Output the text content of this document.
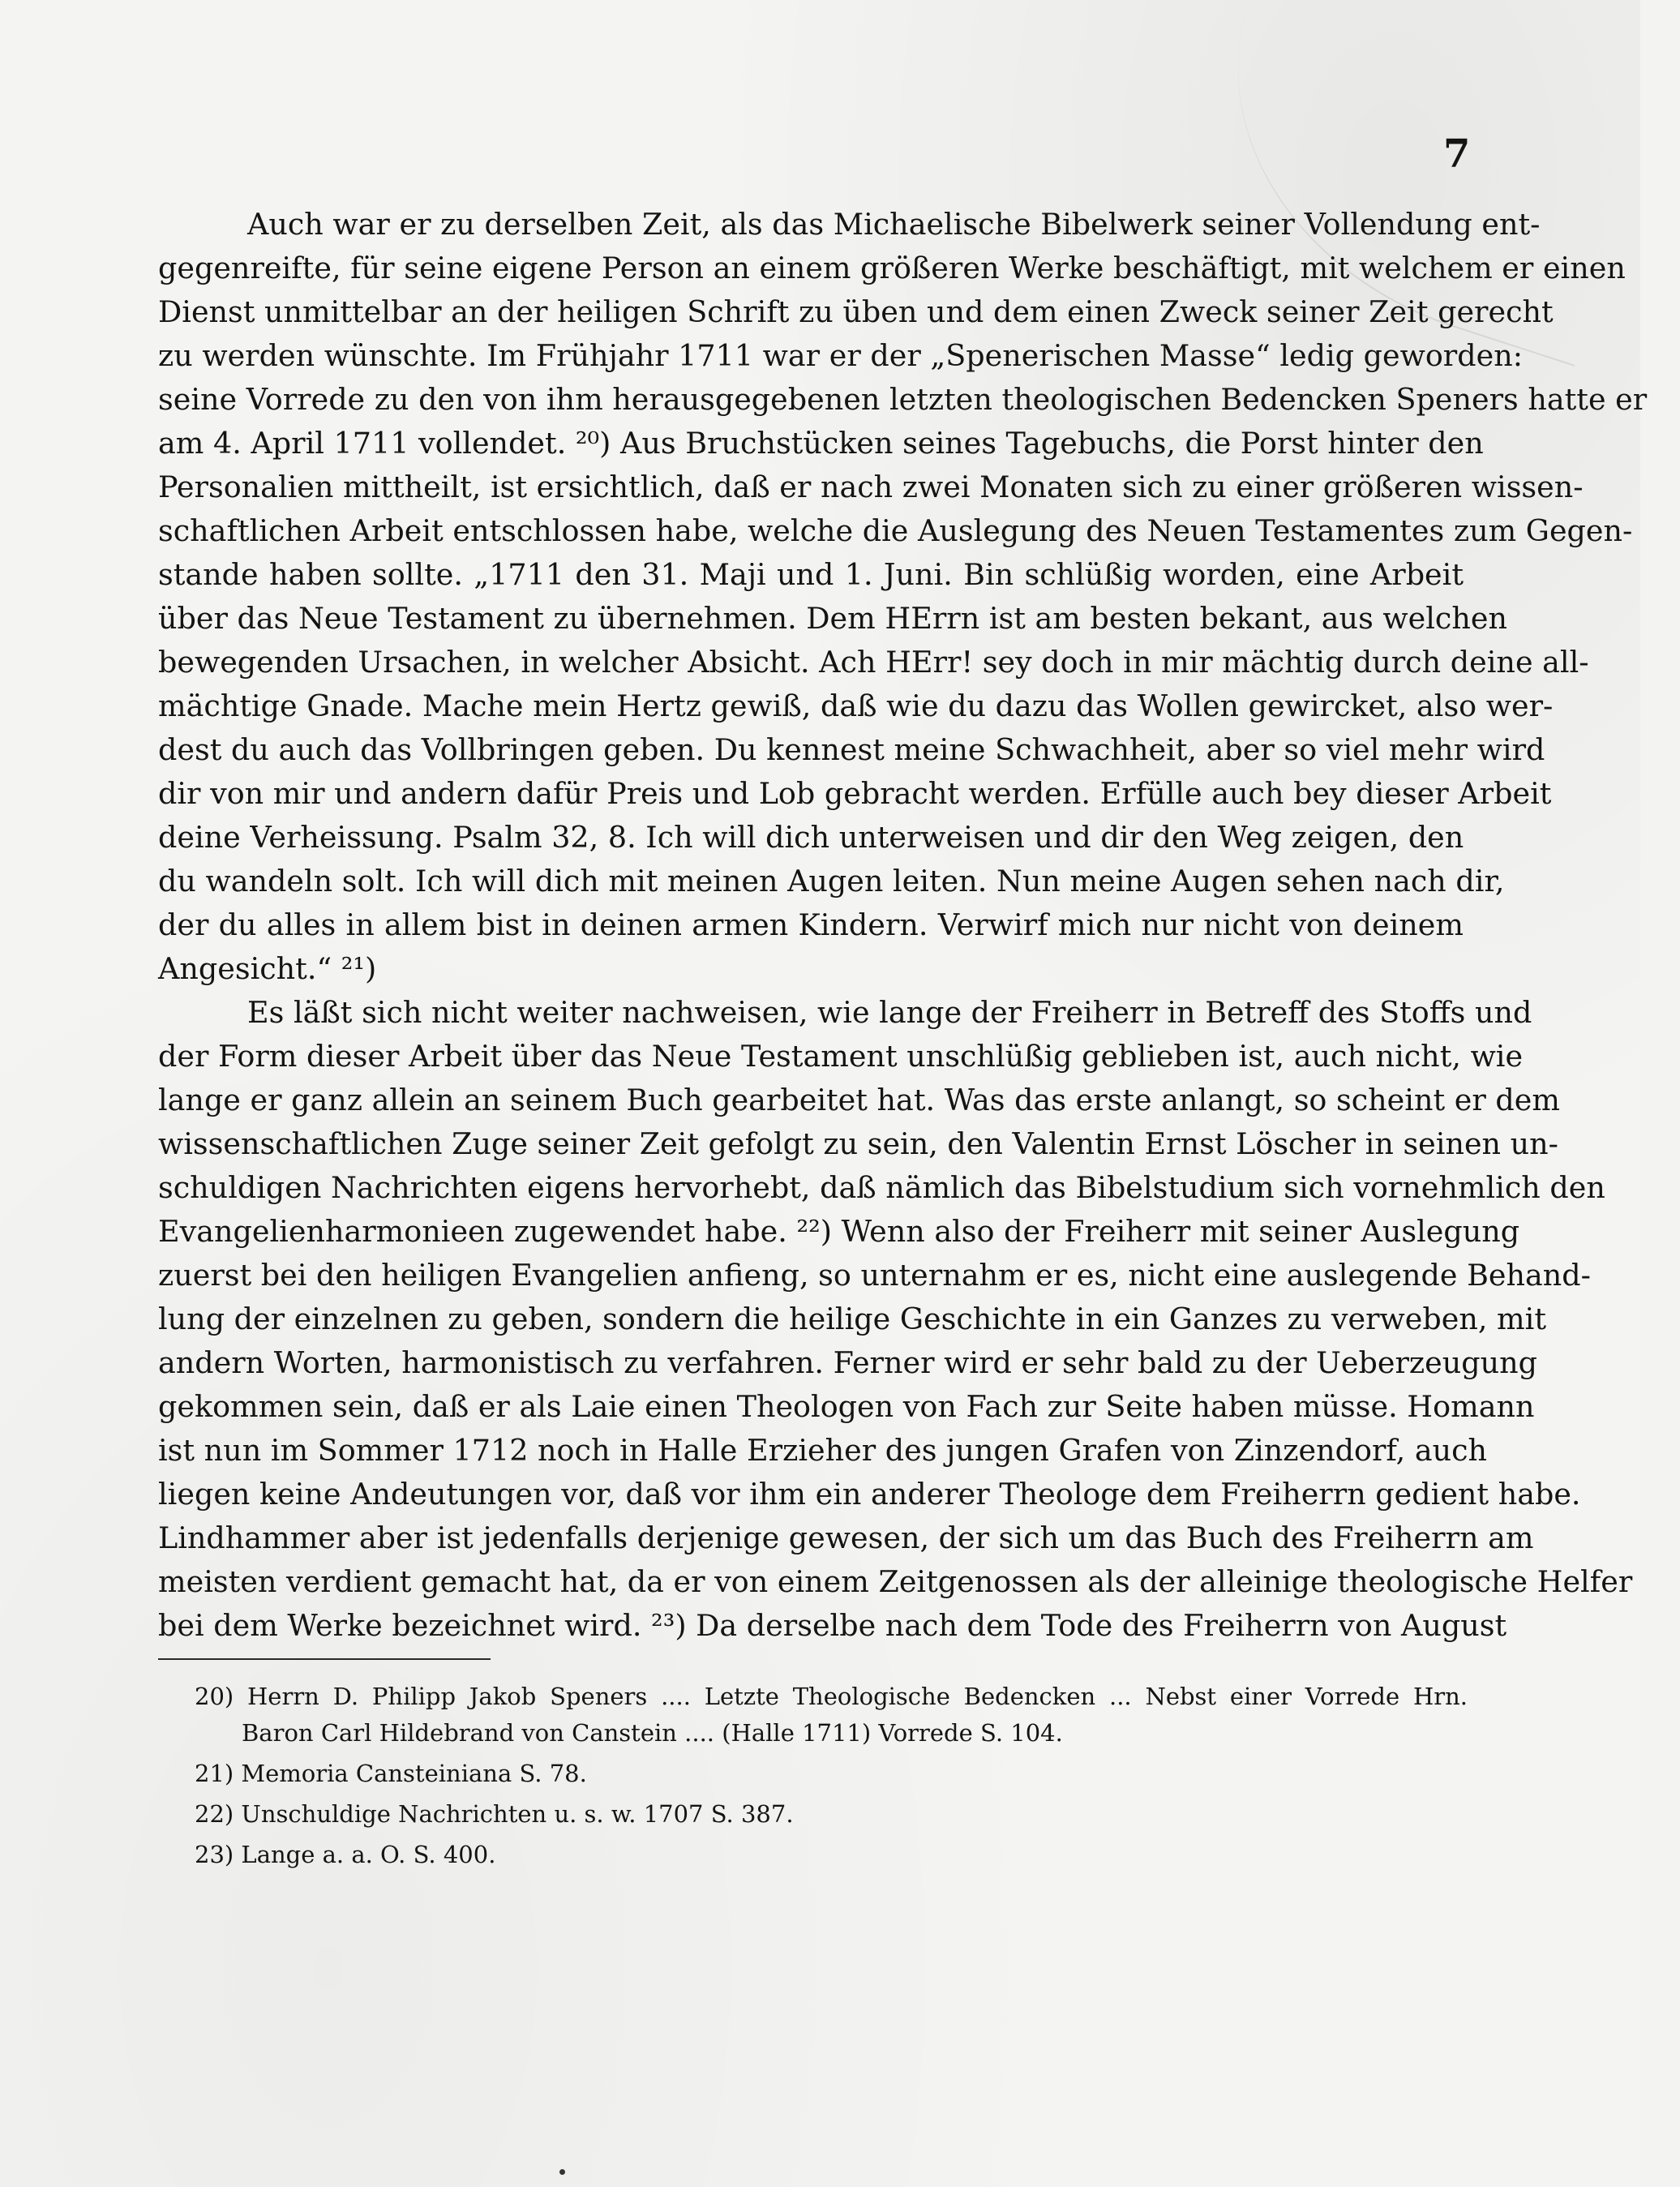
7
Auch war er zu derselben Zeit, als das Michaelische Bibelwerk seiner Vollendung ent-
gegenreifte, für seine eigene Person an einem größeren Werke beschäftigt, mit welchem er einen
Dienst unmittelbar an der heiligen Schrift zu üben und dem einen Zweck seiner Zeit gerecht
zu werden wünschte. Im Frühjahr 1711 war er der „Spenerischen Masse“ ledig geworden:
seine Vorrede zu den von ihm herausgegebenen letzten theologischen Bedencken Speners hatte er
am 4. April 1711 vollendet. ²⁰) Aus Bruchstücken seines Tagebuchs, die Porst hinter den
Personalien mittheilt, ist ersichtlich, daß er nach zwei Monaten sich zu einer größeren wissen-
schaftlichen Arbeit entschlossen habe, welche die Auslegung des Neuen Testamentes zum Gegen-
stande haben sollte. „1711 den 31. Maji und 1. Juni. Bin schlüßig worden, eine Arbeit
über das Neue Testament zu übernehmen. Dem HErrn ist am besten bekant, aus welchen
bewegenden Ursachen, in welcher Absicht. Ach HErr! sey doch in mir mächtig durch deine all-
mächtige Gnade. Mache mein Hertz gewiß, daß wie du dazu das Wollen gewircket, also wer-
dest du auch das Vollbringen geben. Du kennest meine Schwachheit, aber so viel mehr wird
dir von mir und andern dafür Preis und Lob gebracht werden. Erfülle auch bey dieser Arbeit
deine Verheissung. Psalm 32, 8. Ich will dich unterweisen und dir den Weg zeigen, den
du wandeln solt. Ich will dich mit meinen Augen leiten. Nun meine Augen sehen nach dir,
der du alles in allem bist in deinen armen Kindern. Verwirf mich nur nicht von deinem
Angesicht.“ ²¹)
Es läßt sich nicht weiter nachweisen, wie lange der Freiherr in Betreff des Stoffs und
der Form dieser Arbeit über das Neue Testament unschlüßig geblieben ist, auch nicht, wie
lange er ganz allein an seinem Buch gearbeitet hat. Was das erste anlangt, so scheint er dem
wissenschaftlichen Zuge seiner Zeit gefolgt zu sein, den Valentin Ernst Löscher in seinen un-
schuldigen Nachrichten eigens hervorhebt, daß nämlich das Bibelstudium sich vornehmlich den
Evangelienharmonieen zugewendet habe. ²²) Wenn also der Freiherr mit seiner Auslegung
zuerst bei den heiligen Evangelien anfieng, so unternahm er es, nicht eine auslegende Behand-
lung der einzelnen zu geben, sondern die heilige Geschichte in ein Ganzes zu verweben, mit
andern Worten, harmonistisch zu verfahren. Ferner wird er sehr bald zu der Ueberzeugung
gekommen sein, daß er als Laie einen Theologen von Fach zur Seite haben müsse. Homann
ist nun im Sommer 1712 noch in Halle Erzieher des jungen Grafen von Zinzendorf, auch
liegen keine Andeutungen vor, daß vor ihm ein anderer Theologe dem Freiherrn gedient habe.
Lindhammer aber ist jedenfalls derjenige gewesen, der sich um das Buch des Freiherrn am
meisten verdient gemacht hat, da er von einem Zeitgenossen als der alleinige theologische Helfer
bei dem Werke bezeichnet wird. ²³) Da derselbe nach dem Tode des Freiherrn von August
20) Herrn D. Philipp Jakob Speners .... Letzte Theologische Bedencken ... Nebst einer Vorrede Hrn.
Baron Carl Hildebrand von Canstein .... (Halle 1711) Vorrede S. 104.
21) Memoria Cansteiniana S. 78.
22) Unschuldige Nachrichten u. s. w. 1707 S. 387.
23) Lange a. a. O. S. 400.
